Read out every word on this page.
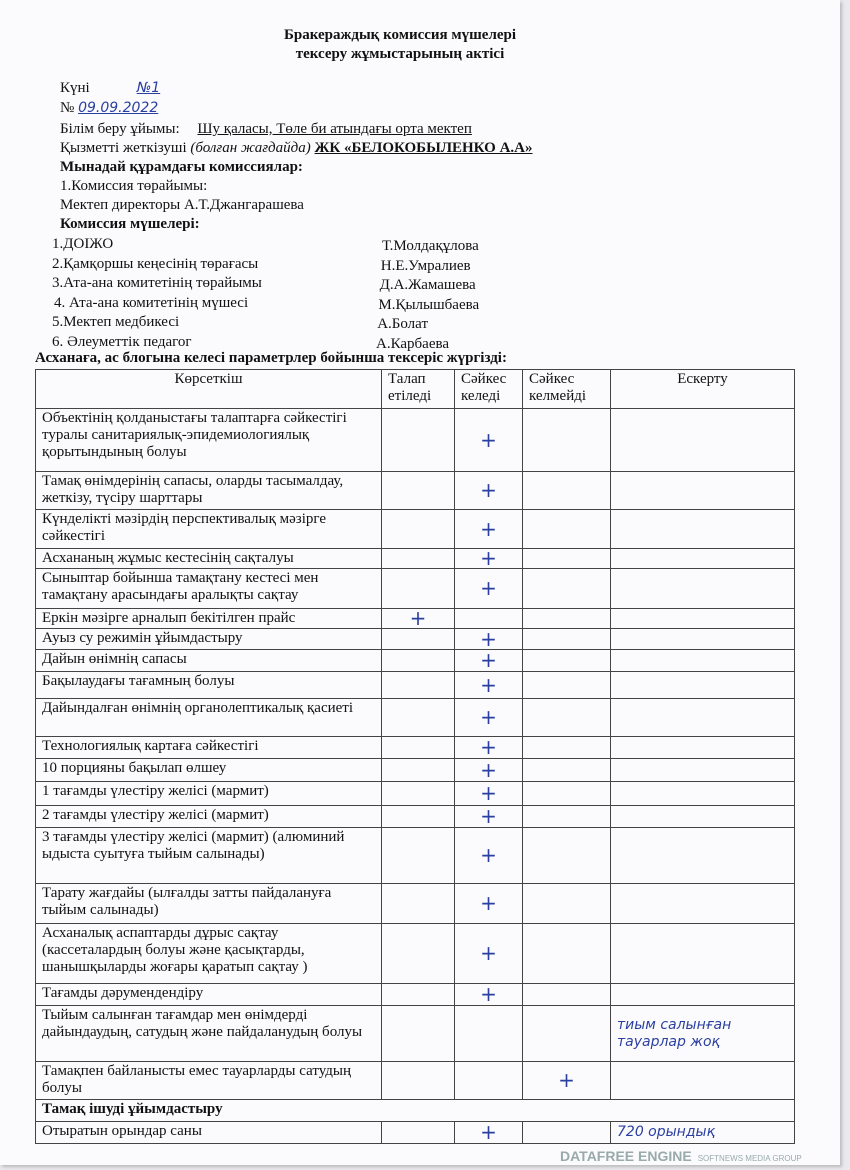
Бракераждық комиссия мүшелері
тексеру жұмыстарының актісі
Күні	№1
№ 09.09.2022
Білім беру ұйымы: Шу қаласы, Төле би атындағы орта мектеп
Қызметті жеткізуші (болған жағдайда) ЖК «БЕЛОКОБЫЛЕНКО А.А»
Мынадай құрамдағы комиссиялар:
1.Комиссия төрайымы:
Мектеп директоры А.Т.Джангарашева
Комиссия мүшелері:
1.ДОІЖО	Т.Молдақұлова
2.Қамқоршы кеңесінің төрағасы	Н.Е.Умралиев
3.Ата-ана комитетінің төрайымы	Д.А.Жамашева
4. Ата-ана комитетінің мүшесі	М.Қылышбаева
5.Мектеп медбикесі	А.Болат
6. Әлеуметтік педагог	А.Карбаева
Асханаға, ас блогына келесі параметрлер бойынша тексеріс жүргізді:
Көрсеткіш	Талап етіледі	Сәйкес келеді	Сәйкес келмейді	Ескерту
Объектінің қолданыстағы талаптарға сәйкестігі туралы санитариялық-эпидемиологиялық қорытындының болуы		+		
Тамақ өнімдерінің сапасы, оларды тасымалдау, жеткізу, түсіру шарттары		+		
Күнделікті мәзірдің перспективалық мәзірге сәйкестігі		+		
Асхананың жұмыс кестесінің сақталуы		+		
Сыныптар бойынша тамақтану кестесі мен тамақтану арасындағы аралықты сақтау		+		
Еркін мәзірге арналып бекітілген прайс	+			
Ауыз су режимін ұйымдастыру		+		
Дайын өнімнің сапасы		+		
Бақылаудағы тағамның болуы		+		
Дайындалған өнімнің органолептикалық қасиеті		+		
Технологиялық картаға сәйкестігі		+		
10 порцияны бақылап өлшеу		+		
1 тағамды үлестіру желісі (мармит)		+		
2 тағамды үлестіру желісі (мармит)		+		
3 тағамды үлестіру желісі (мармит) (алюминий ыдыста суытуға тыйым салынады)		+		
Тарату жағдайы (ылғалды затты пайдалануға тыйым салынады)		+		
Асханалық аспаптарды дұрыс сақтау (кассеталардың болуы және қасықтарды, шанышқыларды жоғары қаратып сақтау )		+		
Тағамды дәрумендендіру		+		
Тыйым салынған тағамдар мен өнімдерді дайындаудың, сатудың және пайдаланудың болуы				тиым салынған тауарлар жоқ
Тамақпен байланысты емес тауарларды сатудың болуы			+	
Тамақ ішуді ұйымдастыру				
Отыратын орындар саны		+		720 орындық
DATAFREE ENGINE SOFTNEWS MEDIA GROUP
